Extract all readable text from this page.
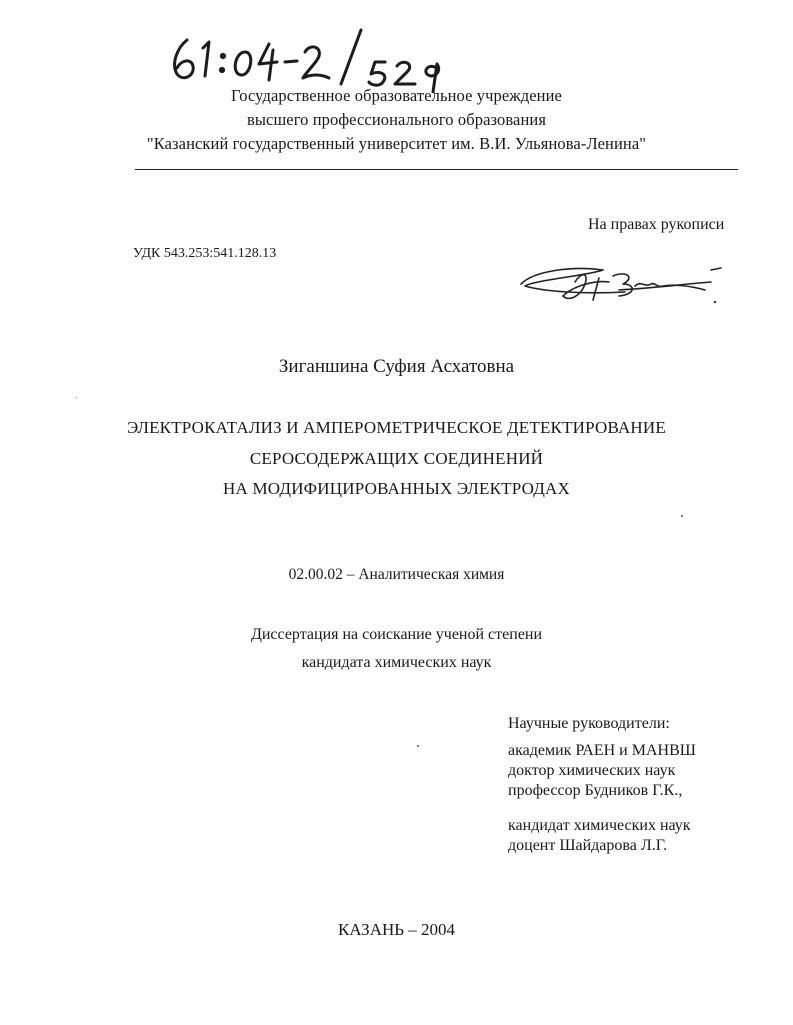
Государственное образовательное учреждение
высшего профессионального образования
"Казанский государственный университет им. В.И. Ульянова-Ленина"
На правах рукописи
УДК 543.253:541.128.13
Зиганшина Суфия Асхатовна
ЭЛЕКТРОКАТАЛИЗ И АМПЕРОМЕТРИЧЕСКОЕ ДЕТЕКТИРОВАНИЕ
СЕРОСОДЕРЖАЩИХ СОЕДИНЕНИЙ
НА МОДИФИЦИРОВАННЫХ ЭЛЕКТРОДАХ
02.00.02 – Аналитическая химия
Диссертация на соискание ученой степени
кандидата химических наук
Научные руководители:
академик РАЕН и МАНВШ
доктор химических наук
профессор Будников Г.К.,
кандидат химических наук
доцент Шайдарова Л.Г.
КАЗАНЬ – 2004
